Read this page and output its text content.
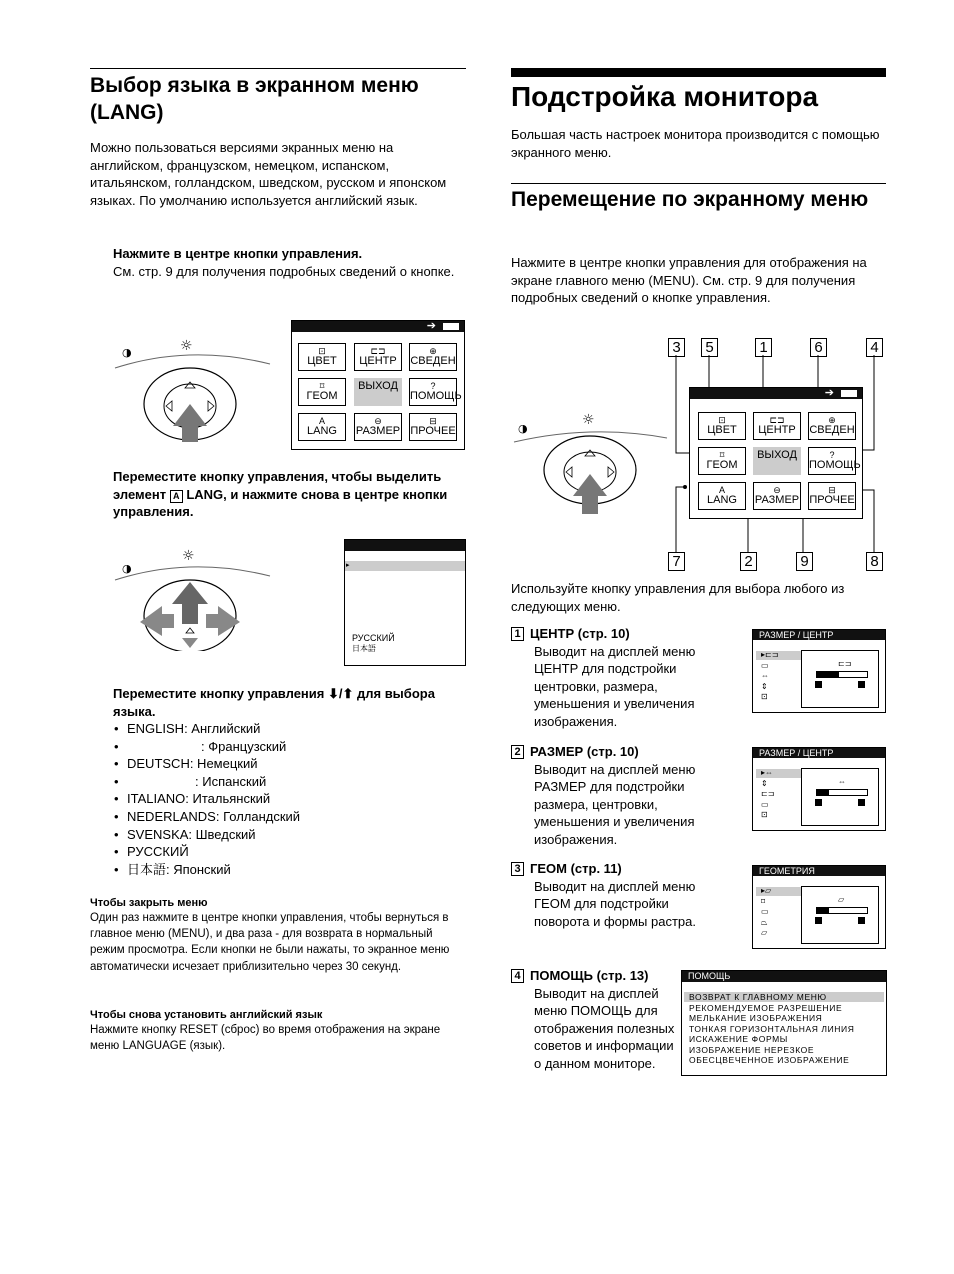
Выбор языка в экранном меню (LANG)

Можно пользоваться версиями экранных меню на английском, французском, немецком, испанском, итальянском, голландском, шведском, русском и японском языках. По умолчанию используется английский язык.

Нажмите в центре кнопки управления.
См. стр. 9 для получения подробных сведений о кнопке.
◑	☼
➔
⊡
ЦВЕТ
⊏⊐
ЦЕНТР
⊕
СВЕДЕН
⌑
ГЕОМ
ВЫХОД	?
ПОМОЩЬ
A
LANG
⊖
РАЗМЕР
⊟
ПРОЧЕЕ
Переместите кнопку управления, чтобы выделить элемент A LANG, и нажмите снова в центре кнопки управления.
◑
☼
▸
РУССКИЙ
日本語
Переместите кнопку управления ⬇/⬆ для выбора языка.
• ENGLISH: Английский
• : Французский
• DEUTSCH: Немецкий
• : Испанский
• ITALIANO: Итальянский
• NEDERLANDS: Голландский
• SVENSKA: Шведский
• РУССКИЙ
• 日本語: Японский
Чтобы закрыть меню

Один раз нажмите в центре кнопки управления, чтобы вернуться в главное меню (MENU), и два раза - для возврата в нормальный режим просмотра. Если кнопки не были нажаты, то экранное меню автоматически исчезает приблизительно через 30 секунд.

Чтобы снова установить английский язык

Нажмите кнопку RESET (сброс) во время отображения на экране меню LANGUAGE (язык).

Подстройка монитора

Большая часть настроек монитора производится с помощью экранного меню.

Перемещение по экранному меню

Нажмите в центре кнопки управления для отображения на экране главного меню (MENU). См. стр. 9 для получения подробных сведений о кнопке управления.

3 5	1	6	4
7	2	9	8
◑
☼
➔
⊡
ЦВЕТ
⊏⊐
ЦЕНТР
⊕
СВЕДЕН
⌑
ГЕОМ
ВЫХОД	?
ПОМОЩЬ
A
LANG
⊖
РАЗМЕР
⊟
ПРОЧЕЕ

Используйте кнопку управления для выбора любого из следующих меню.

1 ЦЕНТР (стр. 10)
Выводит на дисплей меню ЦЕНТР для подстройки центровки, размера, уменьшения и увеличения изображения.
РАЗМЕР / ЦЕНТР
▸⊏⊐
▭
⇔
⇕
⊡
⊏⊐
2 РАЗМЕР (стр. 10)
Выводит на дисплей меню РАЗМЕР для подстройки размера, центровки, уменьшения и увеличения изображения.
РАЗМЕР / ЦЕНТР
▸⇔
⇕
⊏⊐
▭
⊡
⇔
3 ГЕОМ (стр. 11)
Выводит на дисплей меню ГЕОМ для подстройки поворота и формы растра.
ГЕОМЕТРИЯ
▸▱
⌑
▭
⏢
⏥
▱
4 ПОМОЩЬ (стр. 13)
Выводит на дисплей меню ПОМОЩЬ для отображения полезных советов и информации о данном мониторе.
ПОМОЩЬ
ВОЗВРАТ К ГЛАВНОМУ МЕНЮ
РЕКОМЕНДУЕМОЕ РАЗРЕШЕНИЕ
МЕЛЬКАНИЕ ИЗОБРАЖЕНИЯ
ТОНКАЯ ГОРИЗОНТАЛЬНАЯ ЛИНИЯ
ИСКАЖЕНИЕ ФОРМЫ
ИЗОБРАЖЕНИЕ НЕРЕЗКОЕ
ОБЕСЦВЕЧЕННОЕ ИЗОБРАЖЕНИЕ
